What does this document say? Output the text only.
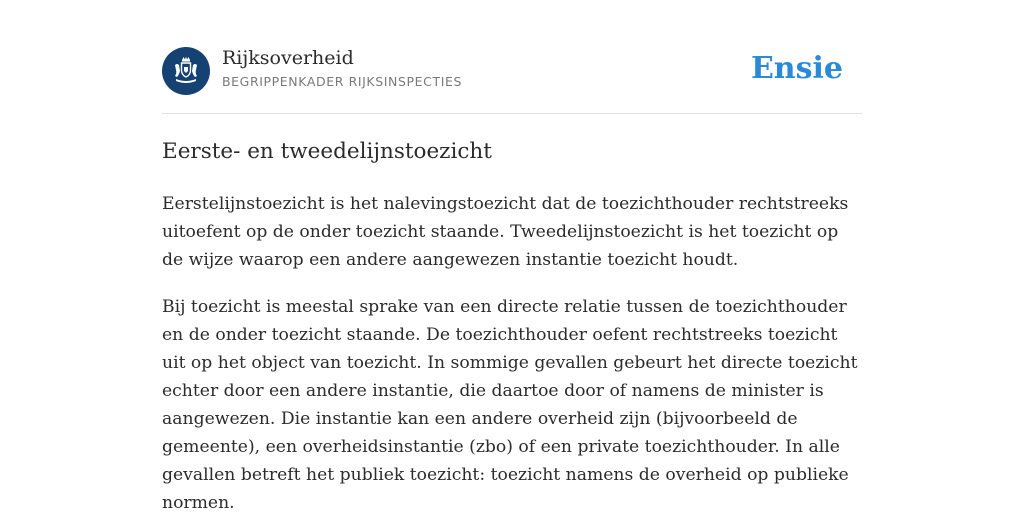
Rijksoverheid
BEGRIPPENKADER RIJKSINSPECTIES	Ensie
Eerste- en tweedelijnstoezicht

Eerstelijnstoezicht is het nalevingstoezicht dat de toezichthouder rechtstreeks uitoefent op de onder toezicht staande. Tweedelijnstoezicht is het toezicht op de wijze waarop een andere aangewezen instantie toezicht houdt.

Bij toezicht is meestal sprake van een directe relatie tussen de toezichthouder en de onder toezicht staande. De toezichthouder oefent rechtstreeks toezicht uit op het object van toezicht. In sommige gevallen gebeurt het directe toezicht echter door een andere instantie, die daartoe door of namens de minister is aangewezen. Die instantie kan een andere overheid zijn (bijvoorbeeld de gemeente), een overheidsinstantie (zbo) of een private toezichthouder. In alle gevallen betreft het publiek toezicht: toezicht namens de overheid op publieke normen.
